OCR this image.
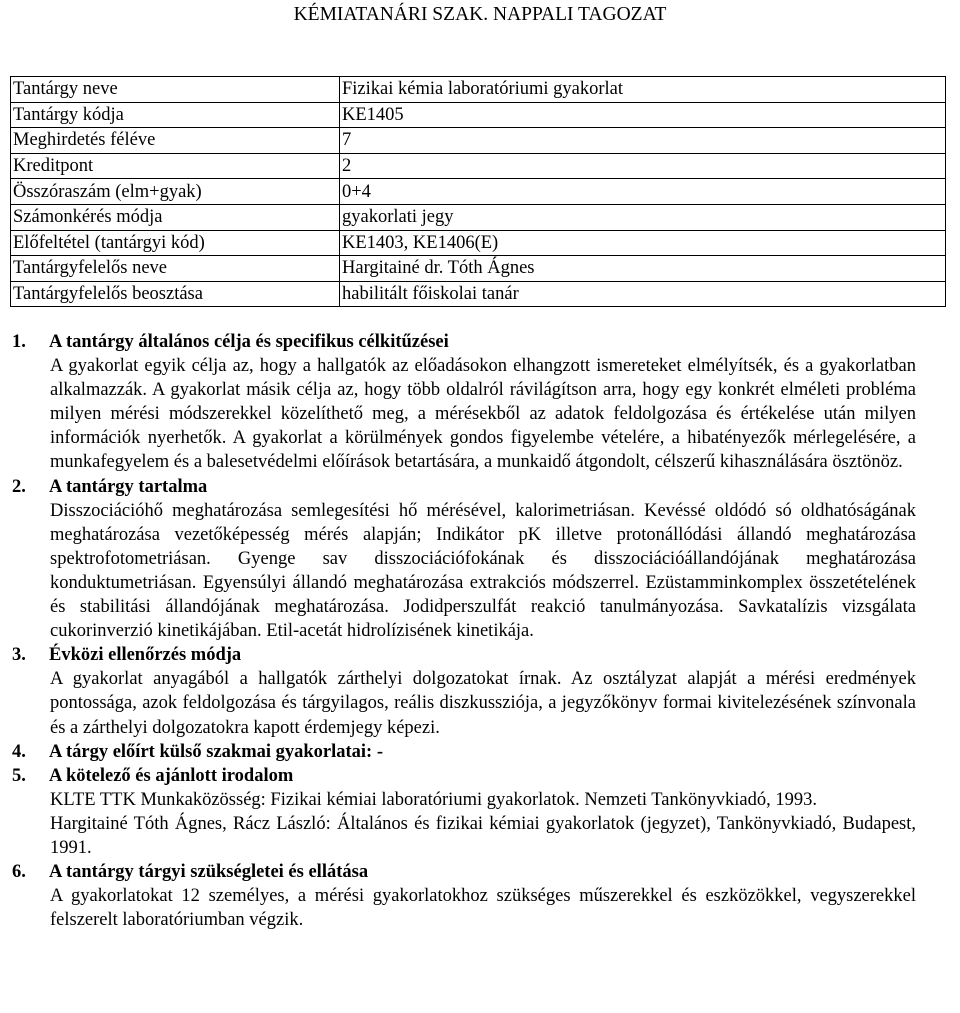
KÉMIATANÁRI SZAK. NAPPALI TAGOZAT
Tantárgy neve	Fizikai kémia laboratóriumi gyakorlat
Tantárgy kódja	KE1405
Meghirdetés féléve	7
Kreditpont	2
Összóraszám (elm+gyak)	0+4
Számonkérés módja	gyakorlati jegy
Előfeltétel (tantárgyi kód)	KE1403, KE1406(E)
Tantárgyfelelős neve	Hargitainé dr. Tóth Ágnes
Tantárgyfelelős beosztása	habilitált főiskolai tanár
1. A tantárgy általános célja és specifikus célkitűzései
A gyakorlat egyik célja az, hogy a hallgatók az előadásokon elhangzott ismereteket elmélyítsék, és a gyakorlatban alkalmazzák. A gyakorlat másik célja az, hogy több oldalról rávilágítson arra, hogy egy konkrét elméleti probléma milyen mérési módszerekkel közelíthető meg, a mérésekből az adatok feldolgozása és értékelése után milyen információk nyerhetők. A gyakorlat a körülmények gondos figyelembe vételére, a hibatényezők mérlegelésére, a munkafegyelem és a balesetvédelmi előírások betartására, a munkaidő átgondolt, célszerű kihasználására ösztönöz.
2. A tantárgy tartalma
Disszociációhő meghatározása semlegesítési hő mérésével, kalorimetriásan. Kevéssé oldódó só oldhatóságának meghatározása vezetőképesség mérés alapján; Indikátor pK illetve protonállódási állandó meghatározása spektrofotometriásan. Gyenge sav disszociációfokának és disszociációállandójának meghatározása konduktumetriásan. Egyensúlyi állandó meghatározása extrakciós módszerrel. Ezüstamminkomplex összetételének és stabilitási állandójának meghatározása. Jodidperszulfát reakció tanulmányozása. Savkatalízis vizsgálata cukorinverzió kinetikájában. Etil-acetát hidrolízisének kinetikája.
3. Évközi ellenőrzés módja
A gyakorlat anyagából a hallgatók zárthelyi dolgozatokat írnak. Az osztályzat alapját a mérési eredmények pontossága, azok feldolgozása és tárgyilagos, reális diszkussziója, a jegyzőkönyv formai kivitelezésének színvonala és a zárthelyi dolgozatokra kapott érdemjegy képezi.
4. A tárgy előírt külső szakmai gyakorlatai: -
5. A kötelező és ajánlott irodalom
KLTE TTK Munkaközösség: Fizikai kémiai laboratóriumi gyakorlatok. Nemzeti Tankönyvkiadó, 1993.
Hargitainé Tóth Ágnes, Rácz László: Általános és fizikai kémiai gyakorlatok (jegyzet), Tankönyvkiadó, Budapest, 1991.
6. A tantárgy tárgyi szükségletei és ellátása
A gyakorlatokat 12 személyes, a mérési gyakorlatokhoz szükséges műszerekkel és eszközökkel, vegyszerekkel felszerelt laboratóriumban végzik.
